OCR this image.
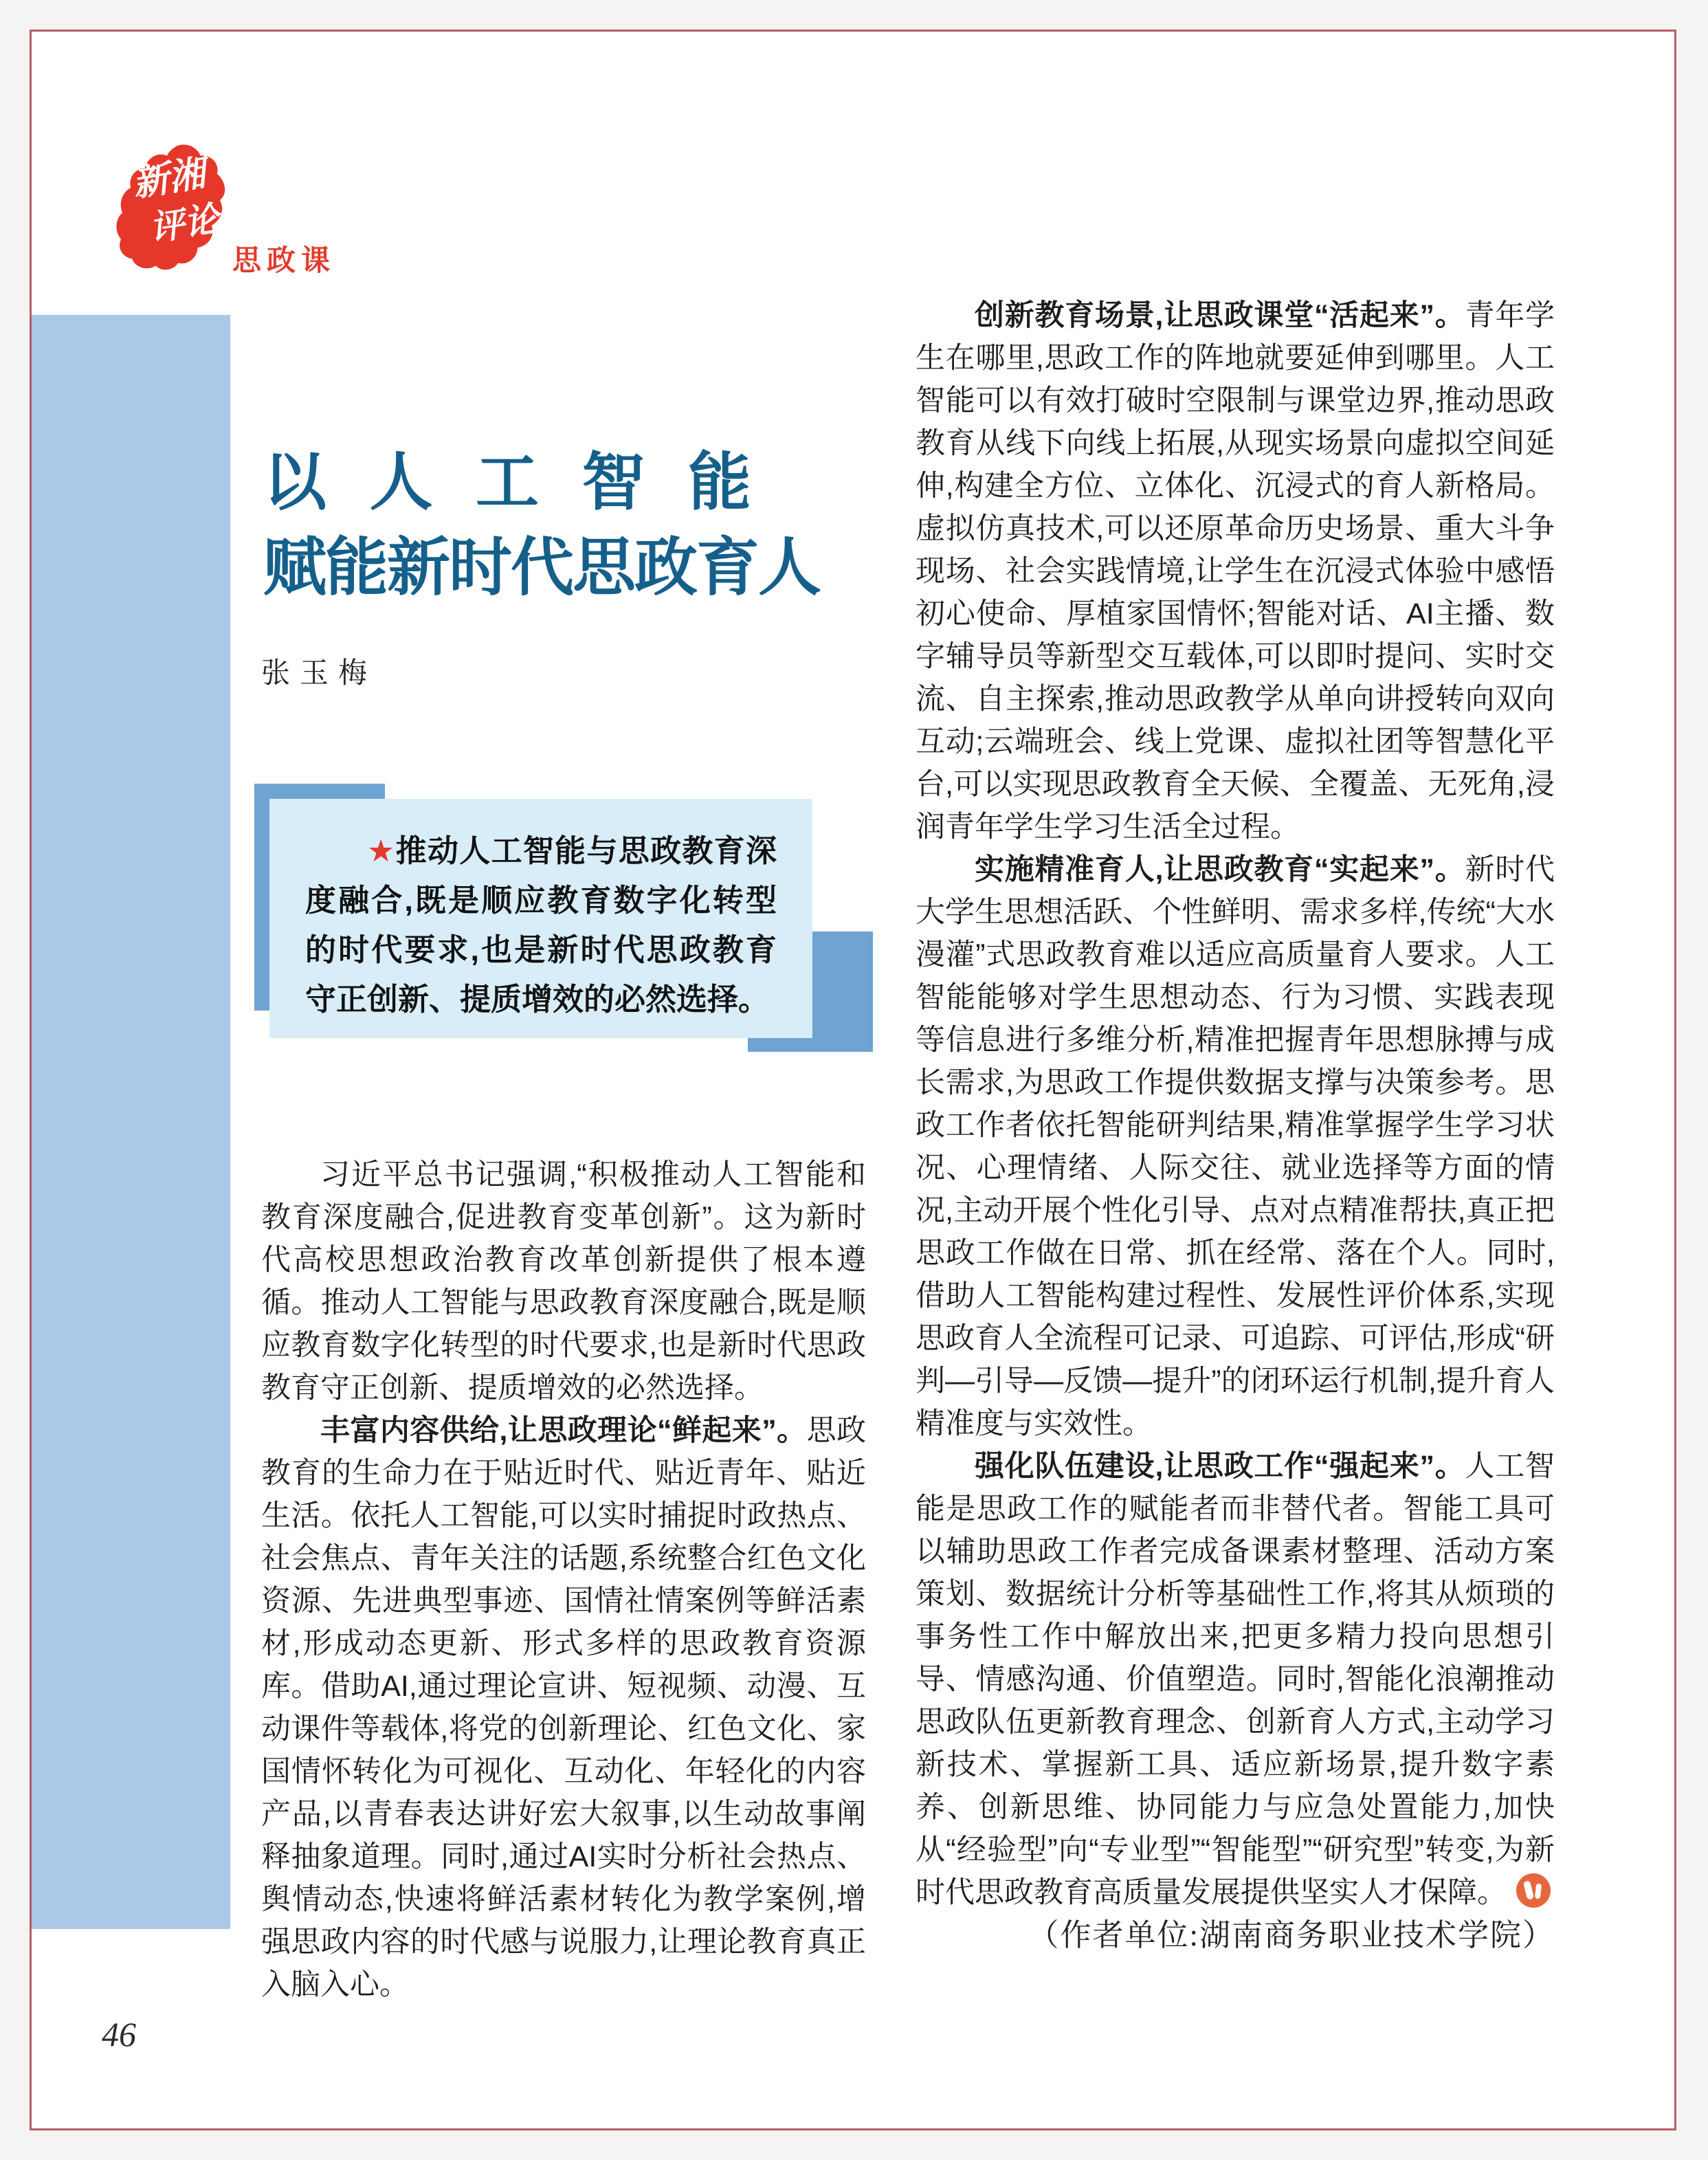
新湘
评论
思政课
以人工智能
赋能新时代思政育人
张玉梅

★推动人工智能与思政教育深度融合,既是顺应教育数字化转型的时代要求,也是新时代思政教育守正创新、提质增效的必然选择。

习近平总书记强调,“积极推动人工智能和教育深度融合,促进教育变革创新”。这为新时代高校思想政治教育改革创新提供了根本遵循。推动人工智能与思政教育深度融合,既是顺应教育数字化转型的时代要求,也是新时代思政教育守正创新、提质增效的必然选择。

丰富内容供给,让思政理论“鲜起来”。思政教育的生命力在于贴近时代、贴近青年、贴近生活。依托人工智能,可以实时捕捉时政热点、社会焦点、青年关注的话题,系统整合红色文化资源、先进典型事迹、国情社情案例等鲜活素材,形成动态更新、形式多样的思政教育资源库。借助AI,通过理论宣讲、短视频、动漫、互动课件等载体,将党的创新理论、红色文化、家国情怀转化为可视化、互动化、年轻化的内容产品,以青春表达讲好宏大叙事,以生动故事阐释抽象道理。同时,通过AI实时分析社会热点、舆情动态,快速将鲜活素材转化为教学案例,增强思政内容的时代感与说服力,让理论教育真正入脑入心。

创新教育场景,让思政课堂“活起来”。青年学生在哪里,思政工作的阵地就要延伸到哪里。人工智能可以有效打破时空限制与课堂边界,推动思政教育从线下向线上拓展,从现实场景向虚拟空间延伸,构建全方位、立体化、沉浸式的育人新格局。虚拟仿真技术,可以还原革命历史场景、重大斗争现场、社会实践情境,让学生在沉浸式体验中感悟初心使命、厚植家国情怀;智能对话、AI主播、数字辅导员等新型交互载体,可以即时提问、实时交流、自主探索,推动思政教学从单向讲授转向双向互动;云端班会、线上党课、虚拟社团等智慧化平台,可以实现思政教育全天候、全覆盖、无死角,浸润青年学生学习生活全过程。

实施精准育人,让思政教育“实起来”。新时代大学生思想活跃、个性鲜明、需求多样,传统“大水漫灌”式思政教育难以适应高质量育人要求。人工智能能够对学生思想动态、行为习惯、实践表现等信息进行多维分析,精准把握青年思想脉搏与成长需求,为思政工作提供数据支撑与决策参考。思政工作者依托智能研判结果,精准掌握学生学习状况、心理情绪、人际交往、就业选择等方面的情况,主动开展个性化引导、点对点精准帮扶,真正把思政工作做在日常、抓在经常、落在个人。同时,借助人工智能构建过程性、发展性评价体系,实现思政育人全流程可记录、可追踪、可评估,形成“研判—引导—反馈—提升”的闭环运行机制,提升育人精准度与实效性。

强化队伍建设,让思政工作“强起来”。人工智能是思政工作的赋能者而非替代者。智能工具可以辅助思政工作者完成备课素材整理、活动方案策划、数据统计分析等基础性工作,将其从烦琐的事务性工作中解放出来,把更多精力投向思想引导、情感沟通、价值塑造。同时,智能化浪潮推动思政队伍更新教育理念、创新育人方式,主动学习新技术、掌握新工具、适应新场景,提升数字素养、创新思维、协同能力与应急处置能力,加快从“经验型”向“专业型”“智能型”“研究型”转变,为新时代思政教育高质量发展提供坚实人才保障。

（作者单位:湖南商务职业技术学院）

46
